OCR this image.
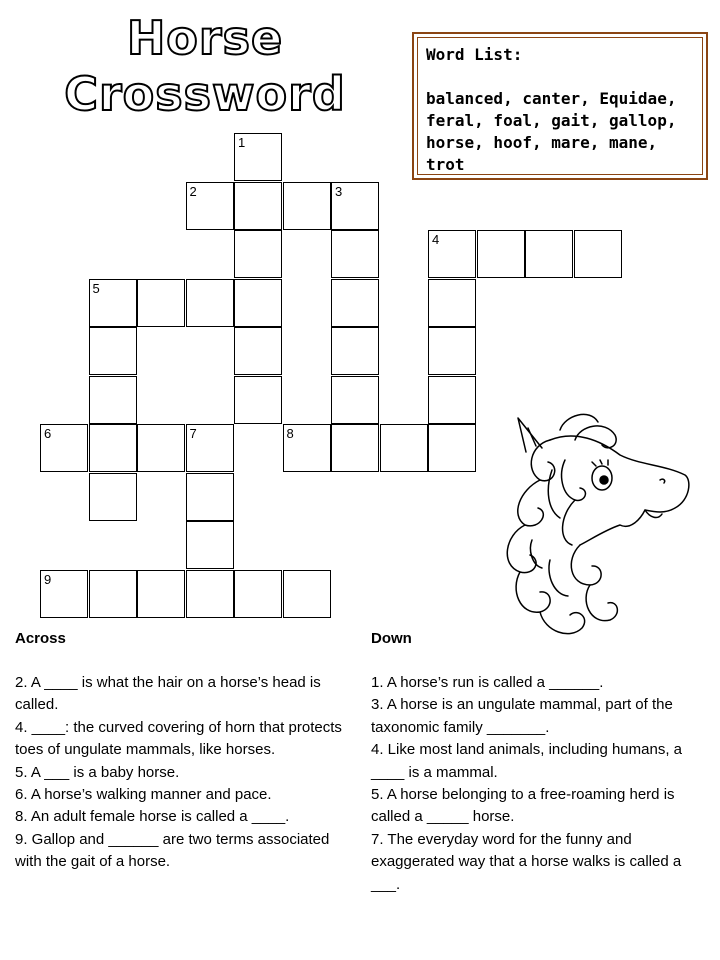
Horse
Crossword
Word List:
balanced, canter, Equidae, feral, foal, gait, gallop, horse, hoof, mare, mane, trot
1
2	3
4
5
6	7	8
9
Across

2. A ____ is what the hair on a horse’s head is called.

4. ____: the curved covering of horn that protects toes of ungulate mammals, like horses.

5. A ___ is a baby horse.

6. A horse’s walking manner and pace.

8. An adult female horse is called a ____.

9. Gallop and ______ are two terms associated with the gait of a horse.

Down

1. A horse’s run is called a ______.

3. A horse is an ungulate mammal, part of the taxonomic family _______.

4. Like most land animals, including humans, a ____ is a mammal.

5. A horse belonging to a free-roaming herd is called a _____ horse.

7. The everyday word for the funny and exaggerated way that a horse walks is called a ___.
